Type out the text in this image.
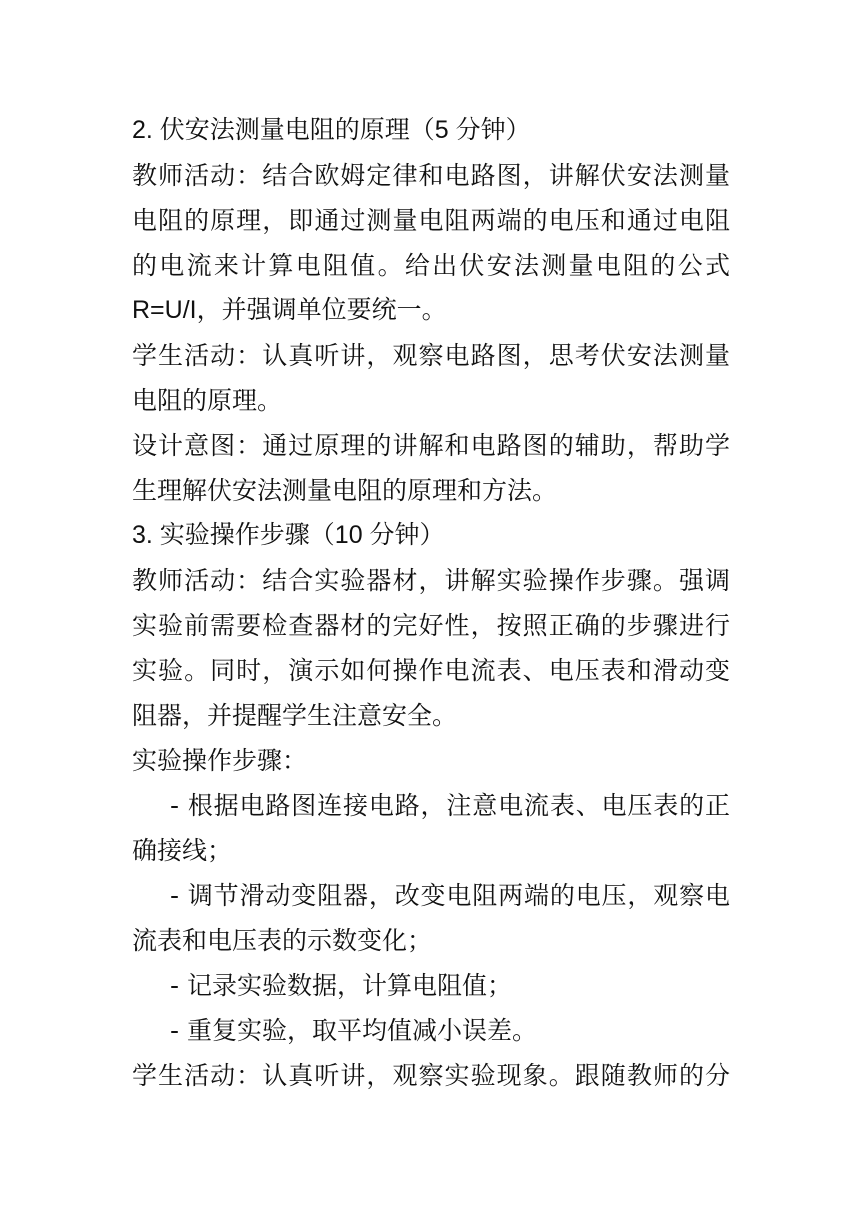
2. 伏安法测量电阻的原理（5 分钟）
教师活动：结合欧姆定律和电路图，讲解伏安法测量
电阻的原理，即通过测量电阻两端的电压和通过电阻
的电流来计算电阻值。给出伏安法测量电阻的公式
R=U/I，并强调单位要统一。
学生活动：认真听讲，观察电路图，思考伏安法测量
电阻的原理。
设计意图：通过原理的讲解和电路图的辅助，帮助学
生理解伏安法测量电阻的原理和方法。
3. 实验操作步骤（10 分钟）
教师活动：结合实验器材，讲解实验操作步骤。强调
实验前需要检查器材的完好性，按照正确的步骤进行
实验。同时，演示如何操作电流表、电压表和滑动变
阻器，并提醒学生注意安全。
实验操作步骤：
- 根据电路图连接电路，注意电流表、电压表的正
确接线；
- 调节滑动变阻器，改变电阻两端的电压，观察电
流表和电压表的示数变化；
- 记录实验数据，计算电阻值；
- 重复实验，取平均值减小误差。
学生活动：认真听讲，观察实验现象。跟随教师的分
